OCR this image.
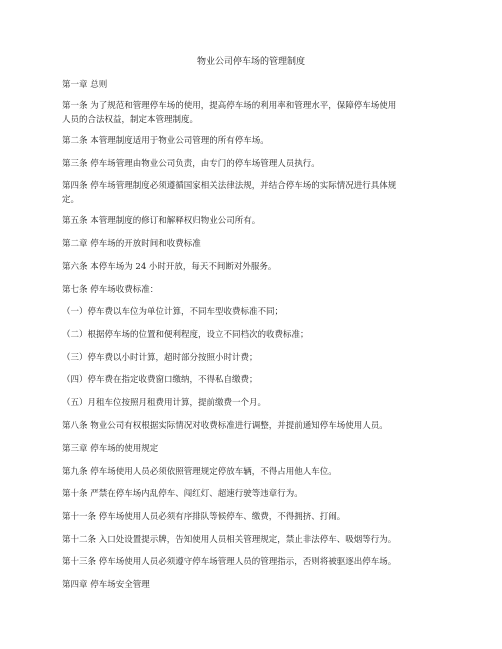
物业公司停车场的管理制度
第一章 总则
第一条 为了规范和管理停车场的使用，提高停车场的利用率和管理水平，保障停车场使用
人员的合法权益，制定本管理制度。
第二条 本管理制度适用于物业公司管理的所有停车场。
第三条 停车场管理由物业公司负责，由专门的停车场管理人员执行。
第四条 停车场管理制度必须遵循国家相关法律法规，并结合停车场的实际情况进行具体规
定。
第五条 本管理制度的修订和解释权归物业公司所有。
第二章 停车场的开放时间和收费标准
第六条 本停车场为 24 小时开放，每天不间断对外服务。
第七条 停车场收费标准：
（一）停车费以车位为单位计算，不同车型收费标准不同；
（二）根据停车场的位置和便利程度，设立不同档次的收费标准；
（三）停车费以小时计算，超时部分按照小时计费；
（四）停车费在指定收费窗口缴纳，不得私自缴费；
（五）月租车位按照月租费用计算，提前缴费一个月。
第八条 物业公司有权根据实际情况对收费标准进行调整，并提前通知停车场使用人员。
第三章 停车场的使用规定
第九条 停车场使用人员必须依照管理规定停放车辆，不得占用他人车位。
第十条 严禁在停车场内乱停车、闯红灯、超速行驶等违章行为。
第十一条 停车场使用人员必须有序排队等候停车、缴费，不得拥挤、打闹。
第十二条 入口处设置提示牌，告知使用人员相关管理规定，禁止非法停车、吸烟等行为。
第十三条 停车场使用人员必须遵守停车场管理人员的管理指示，否则将被驱逐出停车场。
第四章 停车场安全管理
